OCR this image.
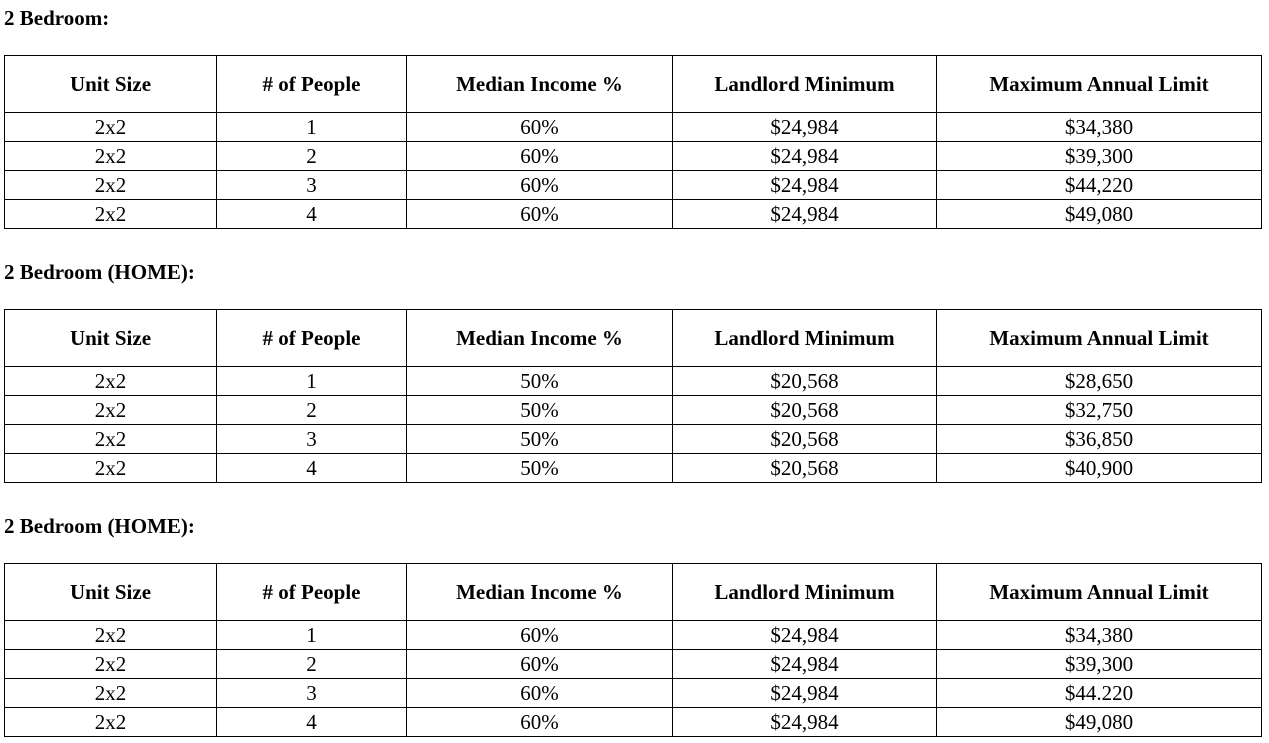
2 Bedroom:
Unit Size	# of People	Median Income %	Landlord Minimum	Maximum Annual Limit
2x2	1	60%	$24,984	$34,380
2x2	2	60%	$24,984	$39,300
2x2	3	60%	$24,984	$44,220
2x2	4	60%	$24,984	$49,080
2 Bedroom (HOME):
Unit Size	# of People	Median Income %	Landlord Minimum	Maximum Annual Limit
2x2	1	50%	$20,568	$28,650
2x2	2	50%	$20,568	$32,750
2x2	3	50%	$20,568	$36,850
2x2	4	50%	$20,568	$40,900
2 Bedroom (HOME):
Unit Size	# of People	Median Income %	Landlord Minimum	Maximum Annual Limit
2x2	1	60%	$24,984	$34,380
2x2	2	60%	$24,984	$39,300
2x2	3	60%	$24,984	$44.220
2x2	4	60%	$24,984	$49,080
